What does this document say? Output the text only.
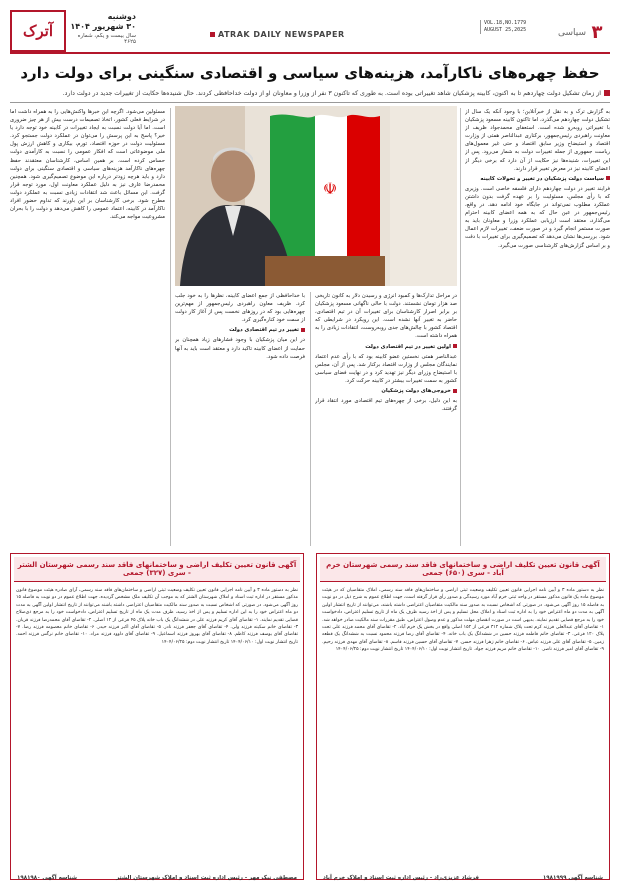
آترک
دوشنبه
۳۰ شهریور ۱۴۰۴
سال بیست و یکم، شماره ۴۶۲۵
ATRAK DAILY NEWSPAPER
VOL.18,NO.1779
AUGUST 25,2025	سیاسی ۳
حفظ چهره‌های ناکارآمد، هزینه‌های سیاسی و اقتصادی سنگینی برای دولت دارد
از زمان تشکیل دولت چهاردهم تا به اکنون، کابینه پزشکیان شاهد تغییراتی بوده است. به طوری که تاکنون ۳ نفر از وزرا و معاونان او از دولت خداحافظی کردند. حال شنیده‌ها حکایت از تغییرات جدید در دولت دارد.
☫

به گزارش ترک و به نقل از خبرآنلاین؛ با وجود آنکه یک سال از تشکیل دولت چهاردهم می‌گذرد، اما تاکنون کابینه مسعود پزشکیان با تغییراتی روبه‌رو شده است. استعفای محمدجواد ظریف از معاونت راهبردی رئیس‌جمهور، برکناری عبدالناصر همتی از وزارت اقتصاد و استیضاح وزیر سابق اقتصاد و حتی غیر‌ معمول‌های ریاست جمهوری از جمله تغییرات دولت به شمار می‌رود. پس از این تغییرات، شنیده‌ها نیز حکایت از آن دارد که برخی دیگر از اعضای کابینه نیز در معرض تغییر قرار دارند.

سیاست دولت پزشکیان در تغییر و تحولات کابینه

فرایند تغییر در دولت چهاردهم دارای فلسفه خاصی است. وزیری که با رأی مجلس، مسئولیت را بر عهده گرفت بدون داشتن عملکرد مطلوب نمی‌تواند در جایگاه خود ادامه دهد. در واقع، رئیس‌جمهور در عین حال که به همه اعضای کابینه احترام می‌گذارد، معتقد است ارزیابی عملکرد وزرا و معاونان باید به صورت مستمر انجام گیرد و در صورت ضعف، تغییرات لازم اعمال شود. بررسی‌ها نشان می‌دهد که تصمیم‌گیری برای تغییرات با دقت و بر اساس گزارش‌های کارشناسی صورت می‌گیرد.

در مراحل تدارک‌ها و کمبود انرژی و رسیدن دلار به کانون تاریخی صد هزار تومان نشستند. دولت با حالی ناگهانی مسعود پزشکیان بر برابر اصرار کارشناسان برای تغییرات آن در تیم اقتصادی، حاضر به تغییر آنها نشده است. این رویکرد در شرایطی که اقتصاد کشور با چالش‌های جدی روبه‌روست، انتقادات زیادی را به همراه داشته است.

اولین تغییر در تیم اقتصادی دولت

عبدالناصر همتی نخستین عضو کابینه بود که با رأی عدم اعتماد نمایندگان مجلس از وزارت اقتصاد برکنار شد. پس از آن، مجلس با استیضاح وزرای دیگر نیز تهدید کرد و در نهایت فضای سیاسی کشور به سمت تغییرات بیشتر در کابینه حرکت کرد.

خروجی‌های دولت پزشکیان

به این دلیل، برخی از چهره‌های تیم اقتصادی مورد انتقاد قرار گرفتند.

با خداحافظی از جمع اعضای کابینه، نظرها را به خود جلب کرد. ظریف معاون راهبردی رئیس‌جمهور از مهم‌ترین چهره‌هایی بود که در روزهای نخست پس از آغاز کار دولت از سمت خود کناره‌گیری کرد.

تغییر در تیم اقتصادی دولت

در این میان پزشکیان با وجود فشارهای زیاد همچنان بر حمایت از اعضای کابینه تاکید دارد و معتقد است باید به آنها فرصت داده شود.

مسئولین می‌شود. اگرچه این خبرها واکنش‌هایی را به همراه داشت اما در شرایط فعلی کشور، اتخاذ تصمیمات درست بیش از هر چیز ضروری است. اما آیا دولت نسبت به ایجاد تغییرات در کابینه خود توجه دارد یا خیر؟ پاسخ به این پرسش را می‌توان در عملکرد دولت جستجو کرد. مسئولیت دولت در حوزه اقتصاد، تورم، بیکاری و کاهش ارزش پول ملی موضوعاتی است که افکار عمومی را نسبت به کارآمدی دولت حساس کرده است. بر همین اساس، کارشناسان معتقدند حفظ چهره‌های ناکارآمد هزینه‌های سیاسی و اقتصادی سنگینی برای دولت دارد و باید هرچه زودتر درباره این موضوع تصمیم‌گیری شود. همچنین محمدرضا عارف نیز به دلیل عملکرد معاونت اول، مورد توجه قرار گرفت. این مسائل باعث شد انتقادات زیادی نسبت به عملکرد دولت مطرح شود. برخی کارشناسان بر این باورند که تداوم حضور افراد ناکارآمد در کابینه، اعتماد عمومی را کاهش می‌دهد و دولت را با بحران مشروعیت مواجه می‌کند.

آگهی قانون تعیین تکلیف اراضی و ساختمانهای فاقد سند رسمی شهرستان خرم آباد - سری (۶۵۰) جمعی
نظر به دستور ماده ۳ و آیین نامه اجرایی قانون تعیین تکلیف وضعیت ثبتی اراضی و ساختمان‌های فاقد سند رسمی، املاک متقاضیان که در هیئت موضوع ماده یک قانون مذکور مستقر در واحد ثبتی خرم آباد مورد رسیدگی و صدور رأی قرار گرفته است، جهت اطلاع عموم به شرح ذیل در دو نوبت به فاصله ۱۵ روز آگهی می‌شود. در صورتی که اشخاص نسبت به صدور سند مالکیت متقاضیان اعتراضی داشته باشند، می‌توانند از تاریخ انتشار اولین آگهی به مدت دو ماه اعتراض خود را به اداره ثبت اسناد و املاک محل تسلیم و پس از اخذ رسید ظرف یک ماه از تاریخ تسلیم اعتراض، دادخواست خود را به مرجع قضایی تقدیم نمایند. بدیهی است در صورت انقضای مهلت مذکور و عدم وصول اعتراض، طبق مقررات سند مالکیت صادر خواهد شد. ۱- تقاضای آقای عبدالعلی فرزند کرم تحت پلاک شماره ۳۱۲ فرعی از ۱۵۲ اصلی واقع در بخش یک خرم آباد. ۲- تقاضای آقای محمد فرزند علی تحت پلاک ۱۲۰ فرعی. ۳- تقاضای خانم فاطمه فرزند حسین در ششدانگ یک باب خانه. ۴- تقاضای آقای رضا فرزند محمود نسبت به ششدانگ یک قطعه زمین. ۵- تقاضای آقای علی فرزند عباس. ۶- تقاضای خانم زهرا فرزند حسن. ۷- تقاضای آقای حسین فرزند قاسم. ۸- تقاضای آقای مهدی فرزند رحیم. ۹- تقاضای آقای امیر فرزند ناصر. ۱۰- تقاضای خانم مریم فرزند جواد. تاریخ انتشار نوبت اول: ۱۴۰۴/۰۶/۱۰ تاریخ انتشار نوبت دوم: ۱۴۰۴/۰۶/۲۵
شناسه آگهی ۱۹۸۱۹۹۹
فرشاد عزیزی‌راد - رئیس اداره ثبت اسناد و املاک خرم آباد
آگهی قانون تعیین تکلیف اراضی و ساختمانهای فاقد سند رسمی شهرستان الشتر - سری (۳۲۷) جمعی
نظر به دستور ماده ۳ و آیین نامه اجرایی قانون تعیین تکلیف وضعیت ثبتی اراضی و ساختمان‌های فاقد سند رسمی، آرای صادره هیئت موضوع قانون مذکور مستقر در اداره ثبت اسناد و املاک شهرستان الشتر که به موجب آن تکلیف ملک مشخص گردیده، جهت اطلاع عموم در دو نوبت به فاصله ۱۵ روز آگهی می‌شود. در صورتی که اشخاص نسبت به صدور سند مالکیت متقاضیان اعتراضی داشته باشند می‌توانند از تاریخ انتشار اولین آگهی به مدت دو ماه اعتراض خود را به این اداره تسلیم و پس از اخذ رسید، ظرف مدت یک ماه از تاریخ تسلیم اعتراض، دادخواست خود را به مرجع ذی‌صلاح قضایی تقدیم نمایند. ۱- تقاضای آقای کریم فرزند علی در ششدانگ یک باب خانه پلاک ۴۵ فرعی از ۱۲ اصلی. ۲- تقاضای آقای محمدرضا فرزند قربان. ۳- تقاضای خانم سکینه فرزند ولی. ۴- تقاضای آقای جعفر فرزند نادر. ۵- تقاضای آقای اکبر فرزند حیدر. ۶- تقاضای خانم معصومه فرزند رضا. ۷- تقاضای آقای یوسف فرزند کاظم. ۸- تقاضای آقای بهروز فرزند اسماعیل. ۹- تقاضای آقای داوود فرزند مراد. ۱۰- تقاضای خانم نرگس فرزند احمد. تاریخ انتشار نوبت اول: ۱۴۰۴/۰۶/۱۰ تاریخ انتشار نوبت دوم: ۱۴۰۴/۰۶/۲۵
مصطفی نیک مهر - رئیس اداره ثبت اسناد و املاک شهرستان الشتر
شناسه آگهی ۱۹۸۱۹۸۰
